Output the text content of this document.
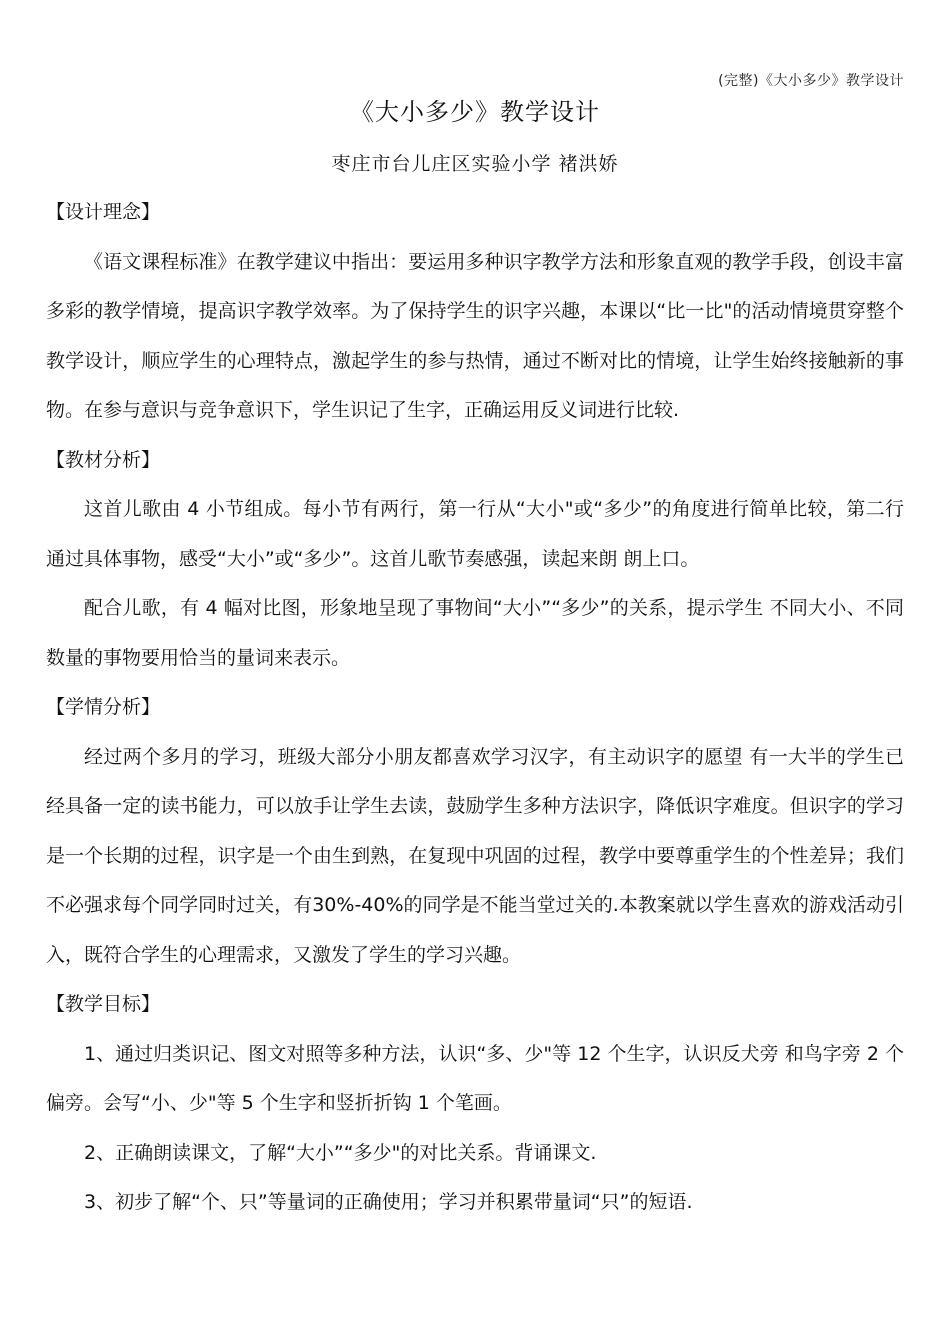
(完整)《大小多少》教学设计
《大小多少》教学设计
枣庄市台儿庄区实验小学 褚洪娇

【设计理念】

《语文课程标准》在教学建议中指出：要运用多种识字教学方法和形象直观的教学手段，创设丰富多彩的教学情境，提高识字教学效率。为了保持学生的识字兴趣，本课以“比一比"的活动情境贯穿整个教学设计，顺应学生的心理特点，激起学生的参与热情，通过不断对比的情境，让学生始终接触新的事物。在参与意识与竞争意识下，学生识记了生字，正确运用反义词进行比较.

【教材分析】

这首儿歌由 4 小节组成。每小节有两行，第一行从“大小"或“多少”的角度进行简单比较，第二行通过具体事物，感受“大小”或“多少”。这首儿歌节奏感强，读起来朗 朗上口。

配合儿歌，有 4 幅对比图，形象地呈现了事物间“大小”“多少”的关系，提示学生 不同大小、不同数量的事物要用恰当的量词来表示。

【学情分析】

经过两个多月的学习，班级大部分小朋友都喜欢学习汉字，有主动识字的愿望 有一大半的学生已经具备一定的读书能力，可以放手让学生去读，鼓励学生多种方法识字，降低识字难度。但识字的学习是一个长期的过程，识字是一个由生到熟，在复现中巩固的过程，教学中要尊重学生的个性差异；我们不必强求每个同学同时过关，有30%-40%的同学是不能当堂过关的.本教案就以学生喜欢的游戏活动引入，既符合学生的心理需求，又激发了学生的学习兴趣。

【教学目标】

1、通过归类识记、图文对照等多种方法，认识“多、少"等 12 个生字，认识反犬旁 和鸟字旁 2 个偏旁。会写“小、少"等 5 个生字和竖折折钩 1 个笔画。

2、正确朗读课文，了解“大小”“多少"的对比关系。背诵课文.

3、初步了解“个、只”等量词的正确使用；学习并积累带量词“只”的短语.
